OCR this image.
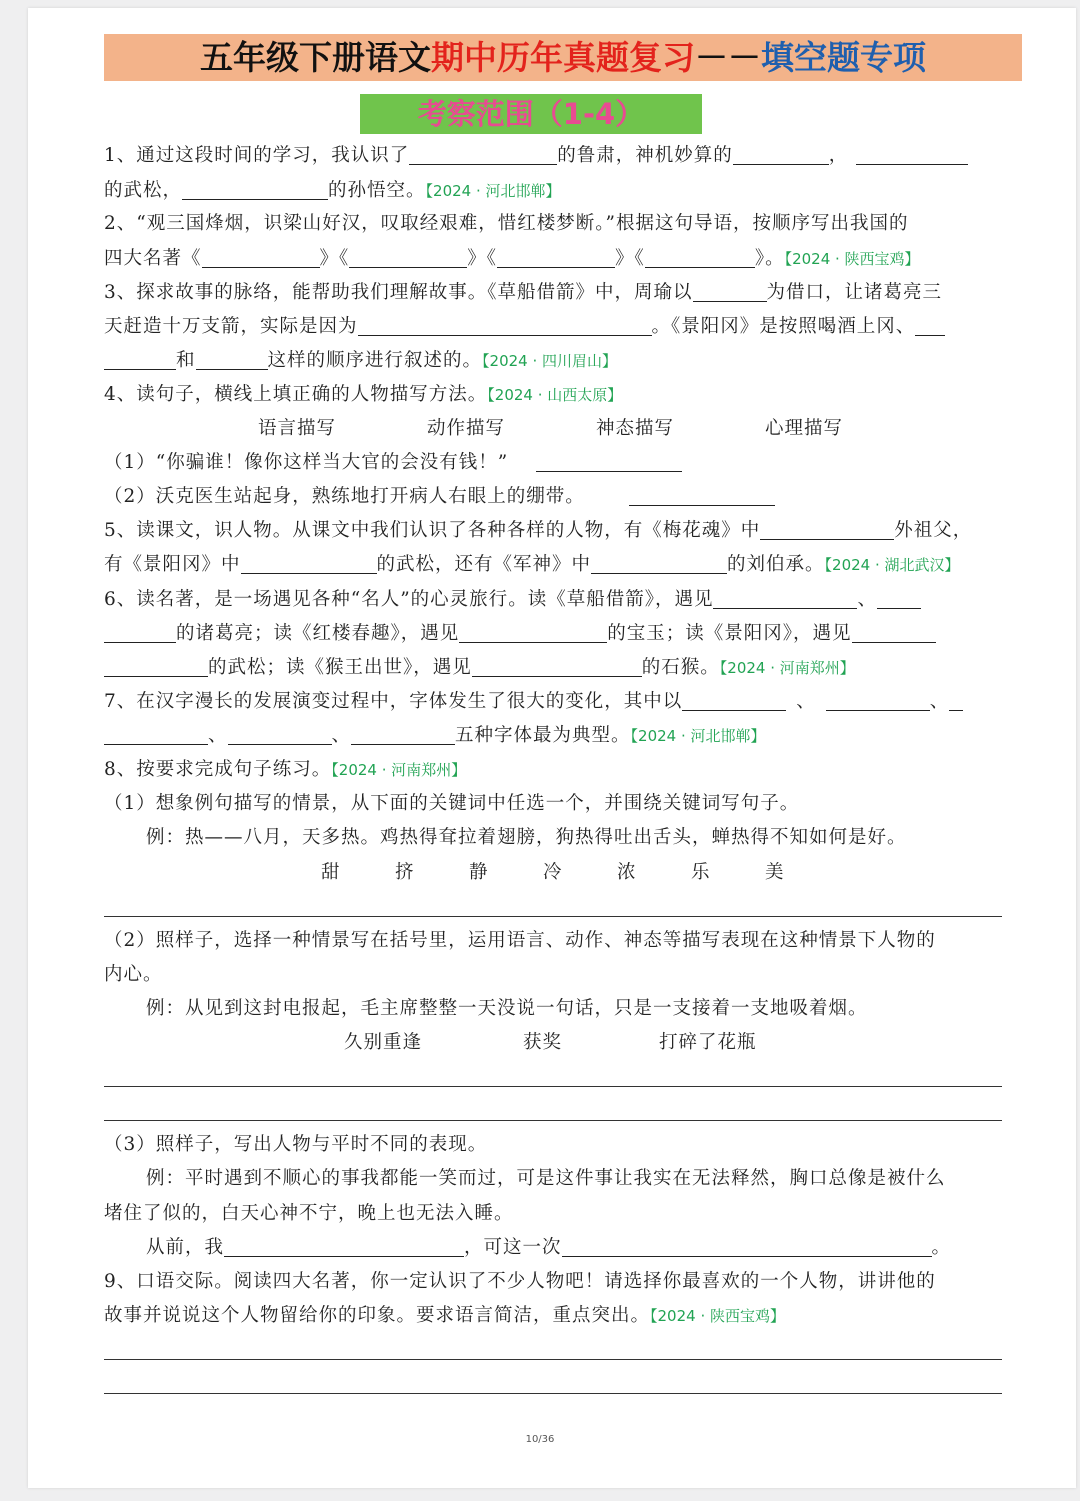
五年级下册语文期中历年真题复习－－填空题专项
考察范围（1-4）
1、通过这段时间的学习，我认识了	的鲁肃，神机妙算的	，
的武松，	的孙悟空。【2024 · 河北邯郸】
2、“观三国烽烟，识梁山好汉，叹取经艰难，惜红楼梦断。”根据这句导语，按顺序写出我国的
四大名著《	》《	》《	》《	》。【2024 · 陕西宝鸡】
3、探求故事的脉络，能帮助我们理解故事。《草船借箭》中，周瑜以	为借口，让诸葛亮三
天赶造十万支箭，实际是因为	。《景阳冈》是按照喝酒上冈、
和	这样的顺序进行叙述的。【2024 · 四川眉山】
4、读句子，横线上填正确的人物描写方法。【2024 · 山西太原】
语言描写	动作描写	神态描写	心理描写
（1）“你骗谁！像你这样当大官的会没有钱！”
（2）沃克医生站起身，熟练地打开病人右眼上的绷带。
5、读课文，识人物。从课文中我们认识了各种各样的人物，有《梅花魂》中	外祖父，
有《景阳冈》中	的武松，还有《军神》中	的刘伯承。【2024 · 湖北武汉】
6、读名著，是一场遇见各种“名人”的心灵旅行。读《草船借箭》，遇见	、
的诸葛亮；读《红楼春趣》，遇见	的宝玉；读《景阳冈》，遇见
的武松；读《猴王出世》，遇见	的石猴。【2024 · 河南郑州】
7、在汉字漫长的发展演变过程中，字体发生了很大的变化，其中以	、	、
、	、	五种字体最为典型。【2024 · 河北邯郸】
8、按要求完成句子练习。【2024 · 河南郑州】
（1）想象例句描写的情景，从下面的关键词中任选一个，并围绕关键词写句子。
例：热——八月，天多热。鸡热得耷拉着翅膀，狗热得吐出舌头，蝉热得不知如何是好。
甜	挤	静	冷	浓	乐	美
（2）照样子，选择一种情景写在括号里，运用语言、动作、神态等描写表现在这种情景下人物的
内心。
例：从见到这封电报起，毛主席整整一天没说一句话，只是一支接着一支地吸着烟。
久别重逢	获奖	打碎了花瓶
（3）照样子，写出人物与平时不同的表现。
例：平时遇到不顺心的事我都能一笑而过，可是这件事让我实在无法释然，胸口总像是被什么
堵住了似的，白天心神不宁，晚上也无法入睡。
从前，我	，可这一次	。
9、口语交际。阅读四大名著，你一定认识了不少人物吧！请选择你最喜欢的一个人物，讲讲他的
故事并说说这个人物留给你的印象。要求语言简洁，重点突出。【2024 · 陕西宝鸡】
10/36
